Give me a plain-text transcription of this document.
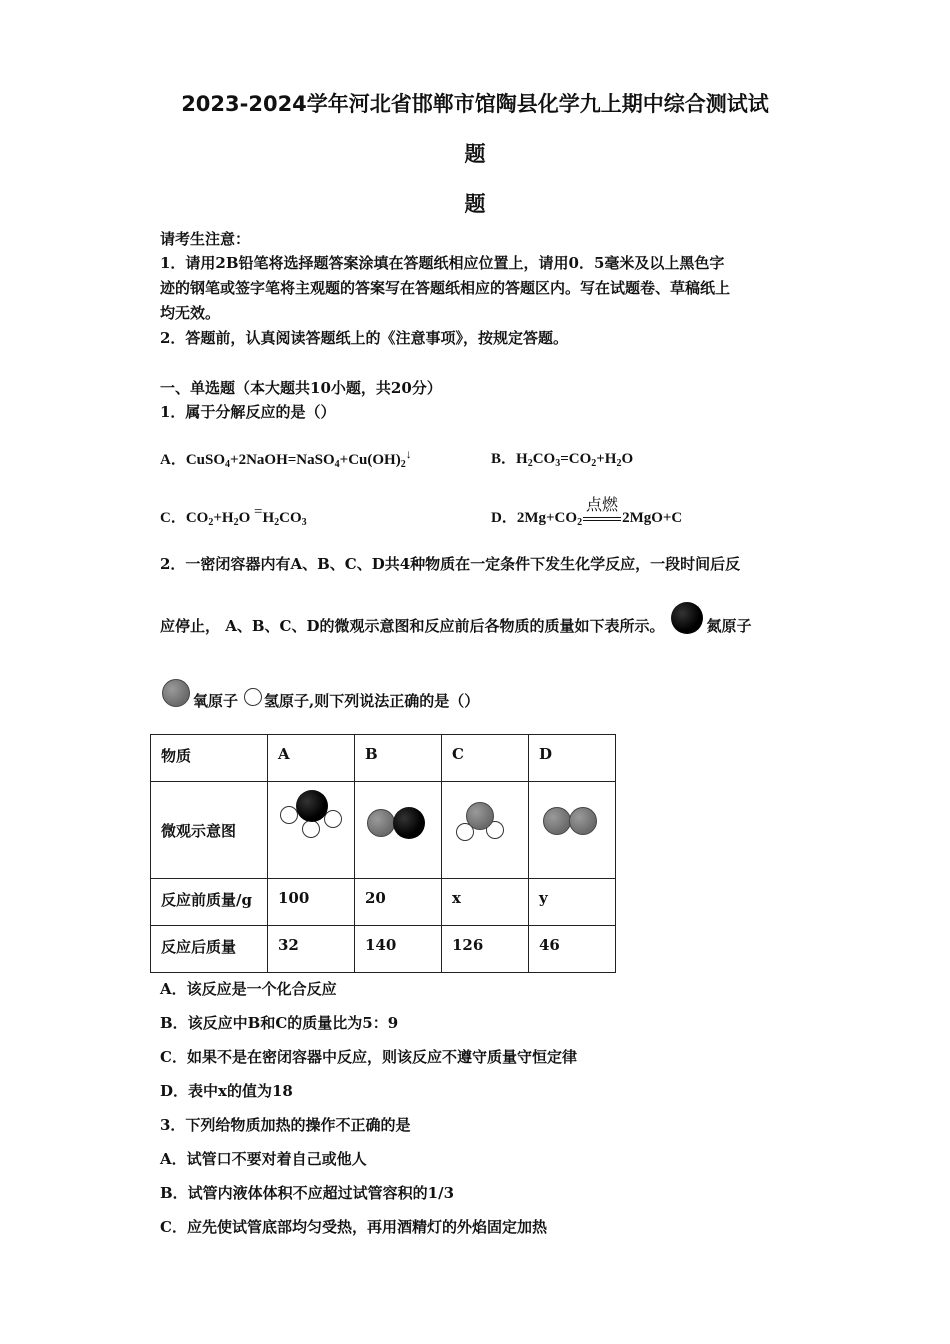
2023-2024学年河北省邯郸市馆陶县化学九上期中综合测试试
题
题
请考生注意：
1．请用2B铅笔将选择题答案涂填在答题纸相应位置上，请用0．5毫米及以上黑色字
迹的钢笔或签字笔将主观题的答案写在答题纸相应的答题区内。写在试题卷、草稿纸上
均无效。
2．答题前，认真阅读答题纸上的《注意事项》，按规定答题。
一、单选题（本大题共10小题，共20分）
1．属于分解反应的是（）
A．$CuSO_4+2NaOH=NaSO_4+Cu(OH)_2^↓$	B．$H_2CO_3=CO_2+H_2O$
C．$CO_2+H_2O =H_2CO_3$	D．$2Mg+CO_2$
点燃
2MgO+C
2．一密闭容器内有A、B、C、D共4种物质在一定条件下发生化学反应，一段时间后反
应停止， A、B、C、D的微观示意图和反应前后各物质的质量如下表所示。	氮原子
氧原子 氢原子,则下列说法正确的是（）
物质	A	B	C	D
微观示意图	

反应前质量/g	100	20	x	y
反应后质量	32	140	126	46
A．该反应是一个化合反应
B．该反应中B和C的质量比为5：9
C．如果不是在密闭容器中反应，则该反应不遵守质量守恒定律
D．表中x的值为18
3．下列给物质加热的操作不正确的是
A．试管口不要对着自己或他人
B．试管内液体体积不应超过试管容积的1/3
C．应先使试管底部均匀受热，再用酒精灯的外焰固定加热
